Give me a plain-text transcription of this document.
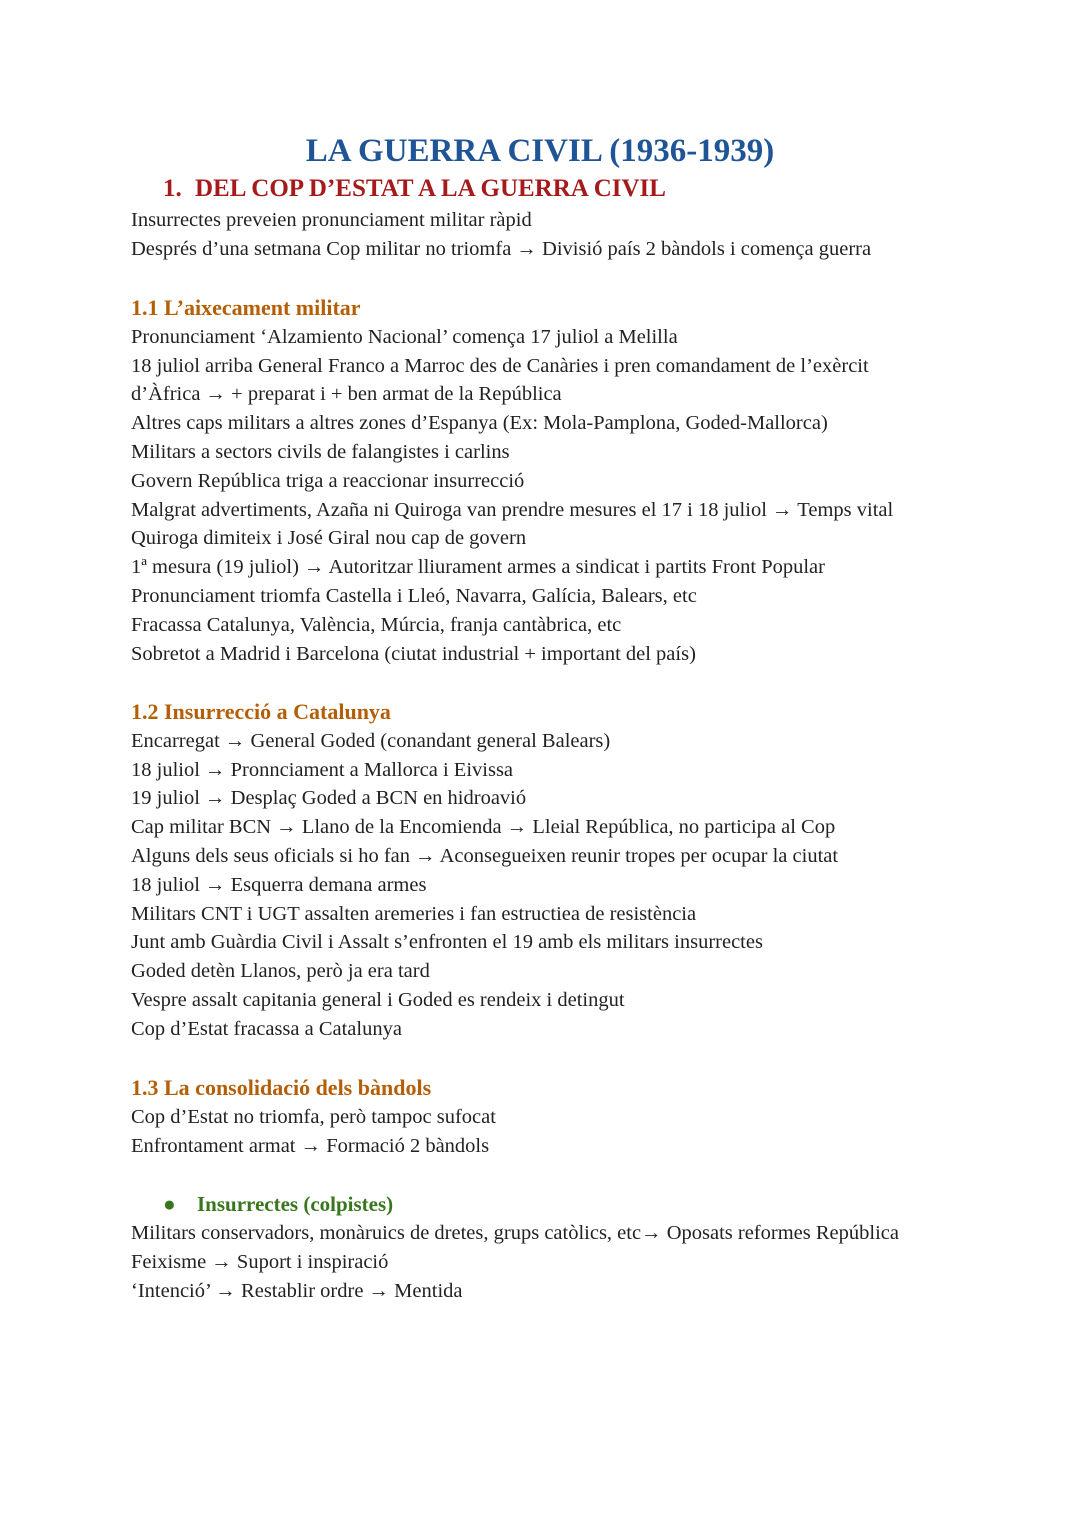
LA GUERRA CIVIL (1936-1939)
1. DEL COP D’ESTAT A LA GUERRA CIVIL

Insurrectes preveien pronunciament militar ràpid

Després d’una setmana Cop militar no triomfa → Divisió país 2 bàndols i comença guerra

1.1 L’aixecament militar

Pronunciament ‘Alzamiento Nacional’ comença 17 juliol a Melilla

18 juliol arriba General Franco a Marroc des de Canàries i pren comandament de l’exèrcit

d’Àfrica → + preparat i + ben armat de la República

Altres caps militars a altres zones d’Espanya (Ex: Mola-Pamplona, Goded-Mallorca)

Militars a sectors civils de falangistes i carlins

Govern República triga a reaccionar insurrecció

Malgrat advertiments, Azaña ni Quiroga van prendre mesures el 17 i 18 juliol → Temps vital

Quiroga dimiteix i José Giral nou cap de govern

1ª mesura (19 juliol) → Autoritzar lliurament armes a sindicat i partits Front Popular

Pronunciament triomfa Castella i Lleó, Navarra, Galícia, Balears, etc

Fracassa Catalunya, València, Múrcia, franja cantàbrica, etc

Sobretot a Madrid i Barcelona (ciutat industrial + important del país)

1.2 Insurrecció a Catalunya

Encarregat → General Goded (conandant general Balears)

18 juliol → Pronnciament a Mallorca i Eivissa

19 juliol → Desplaç Goded a BCN en hidroavió

Cap militar BCN → Llano de la Encomienda → Lleial República, no participa al Cop

Alguns dels seus oficials si ho fan → Aconsegueixen reunir tropes per ocupar la ciutat

18 juliol → Esquerra demana armes

Militars CNT i UGT assalten aremeries i fan estructiea de resistència

Junt amb Guàrdia Civil i Assalt s’enfronten el 19 amb els militars insurrectes

Goded detèn Llanos, però ja era tard

Vespre assalt capitania general i Goded es rendeix i detingut

Cop d’Estat fracassa a Catalunya

1.3 La consolidació dels bàndols

Cop d’Estat no triomfa, però tampoc sufocat

Enfrontament armat → Formació 2 bàndols

● Insurrectes (colpistes)

Militars conservadors, monàruics de dretes, grups catòlics, etc→ Oposats reformes República

Feixisme → Suport i inspiració

‘Intenció’ → Restablir ordre → Mentida
